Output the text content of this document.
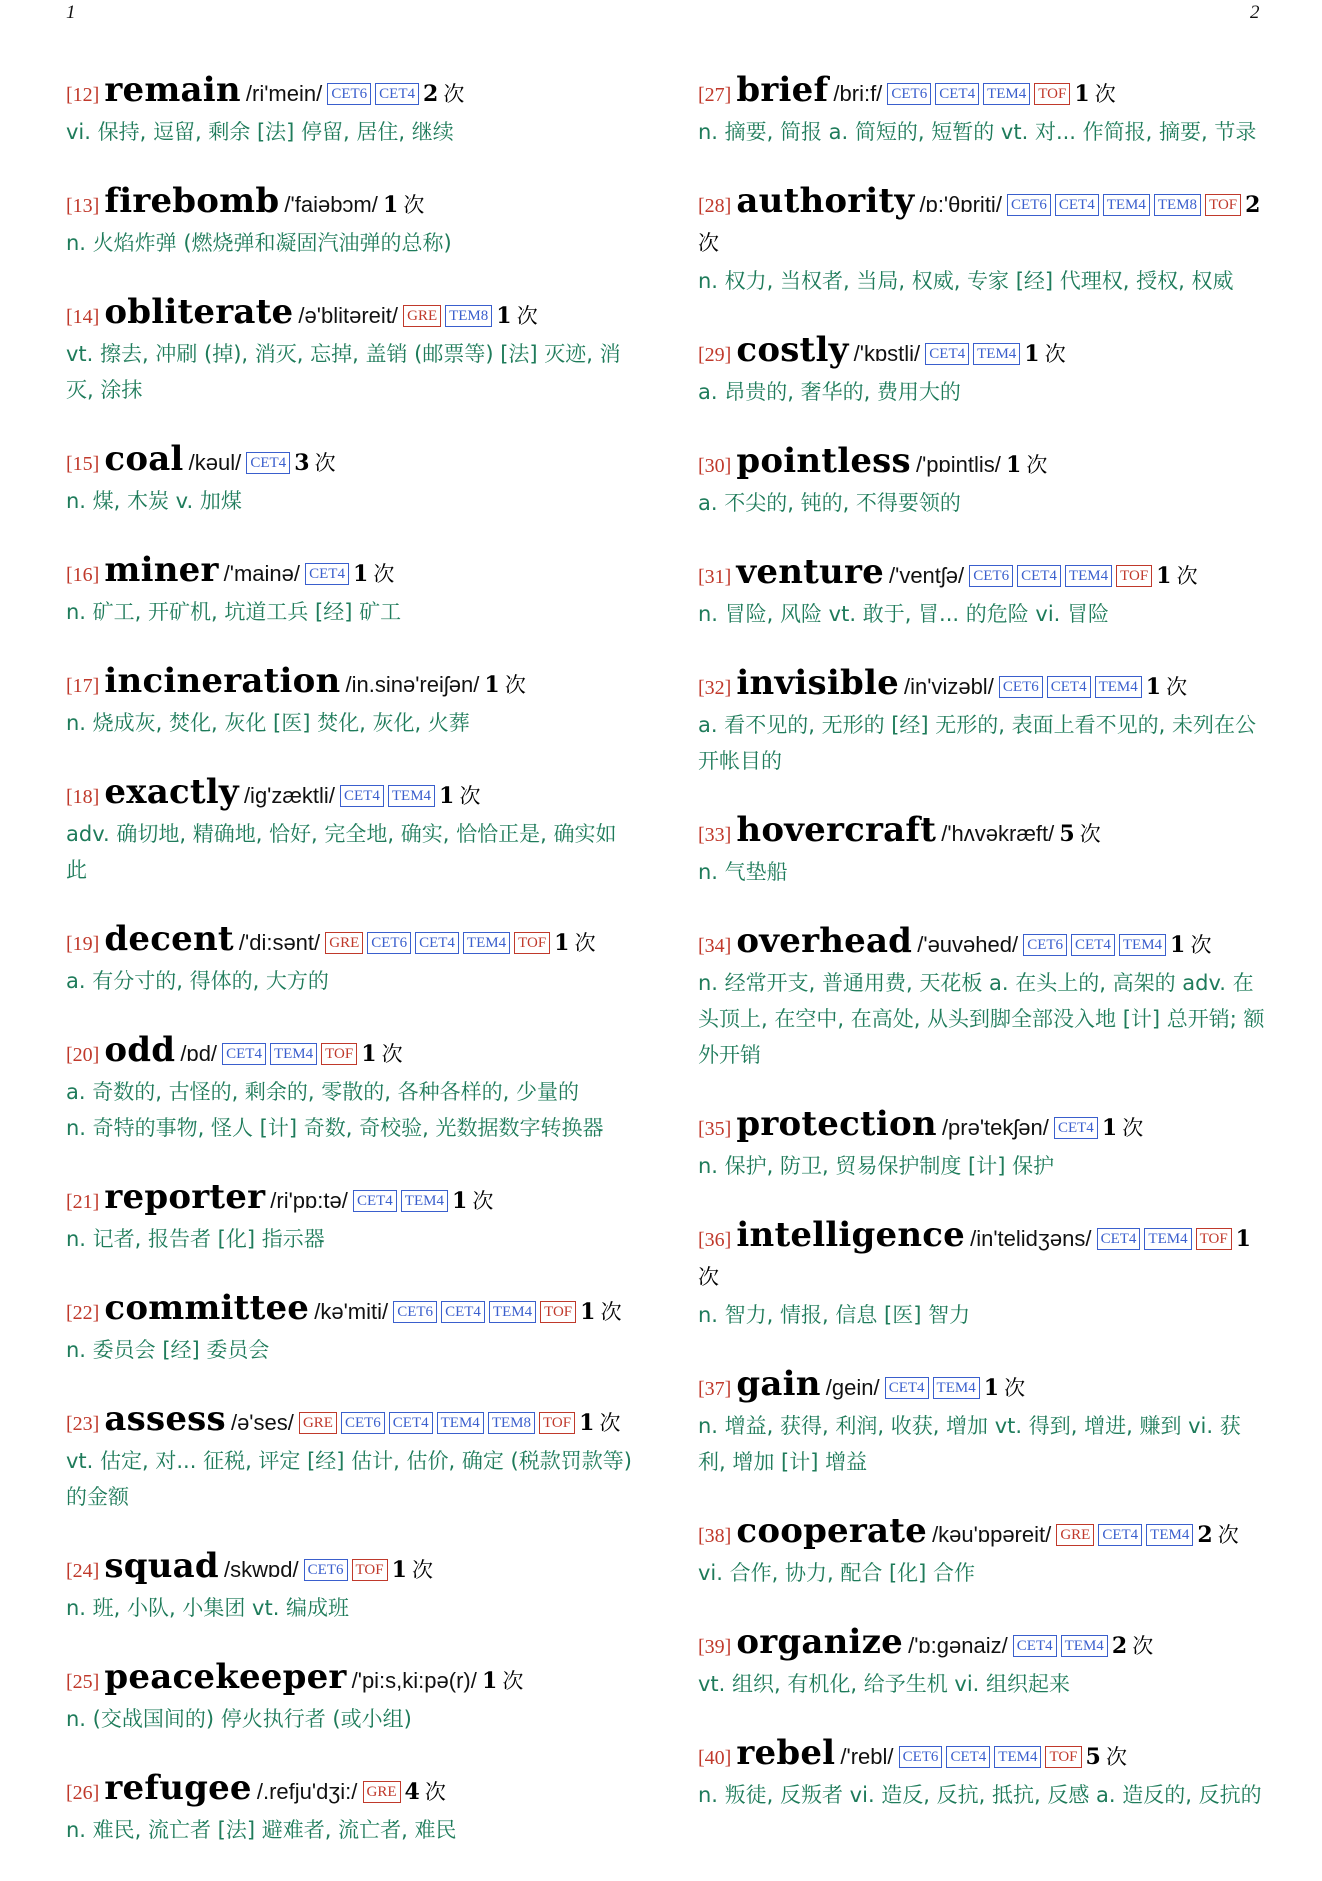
1	2
[12] remain /ri'mein/ CET6 CET4 2 次
vi. 保持, 逗留, 剩余 [法] 停留, 居住, 继续
[13] firebomb /'faiəbɔm/ 1 次
n. 火焰炸弹 (燃烧弹和凝固汽油弹的总称)
[14] obliterate /ə'blitəreit/ GRE TEM8 1 次
vt. 擦去, 冲刷 (掉), 消灭, 忘掉, 盖销 (邮票等) [法] 灭迹, 消灭, 涂抹
[15] coal /kəul/ CET4 3 次
n. 煤, 木炭 v. 加煤
[16] miner /'mainə/ CET4 1 次
n. 矿工, 开矿机, 坑道工兵 [经] 矿工
[17] incineration /in.sinə'reiʃən/ 1 次
n. 烧成灰, 焚化, 灰化 [医] 焚化, 灰化, 火葬
[18] exactly /ig'zæktli/ CET4 TEM4 1 次
adv. 确切地, 精确地, 恰好, 完全地, 确实, 恰恰正是, 确实如此
[19] decent /'di:sənt/ GRE CET6 CET4 TEM4 TOF 1 次
a. 有分寸的, 得体的, 大方的
[20] odd /ɒd/ CET4 TEM4 TOF 1 次
a. 奇数的, 古怪的, 剩余的, 零散的, 各种各样的, 少量的
n. 奇特的事物, 怪人 [计] 奇数, 奇校验, 光数据数字转换器
[21] reporter /ri'pɒ:tə/ CET4 TEM4 1 次
n. 记者, 报告者 [化] 指示器
[22] committee /kə'miti/ CET6 CET4 TEM4 TOF 1 次
n. 委员会 [经] 委员会
[23] assess /ə'ses/ GRE CET6 CET4 TEM4 TEM8 TOF 1 次
vt. 估定, 对... 征税, 评定 [经] 估计, 估价, 确定 (税款罚款等) 的金额
[24] squad /skwɒd/ CET6 TOF 1 次
n. 班, 小队, 小集团 vt. 编成班
[25] peacekeeper /'pi:s,ki:pə(r)/ 1 次
n. (交战国间的) 停火执行者 (或小组)
[26] refugee /.refju'dʒi:/ GRE 4 次
n. 难民, 流亡者 [法] 避难者, 流亡者, 难民
[27] brief /bri:f/ CET6 CET4 TEM4 TOF 1 次
n. 摘要, 简报 a. 简短的, 短暂的 vt. 对... 作简报, 摘要, 节录
[28] authority /ɒ:'θɒriti/ CET6 CET4 TEM4 TEM8 TOF 2 次
n. 权力, 当权者, 当局, 权威, 专家 [经] 代理权, 授权, 权威
[29] costly /'kɒstli/ CET4 TEM4 1 次
a. 昂贵的, 奢华的, 费用大的
[30] pointless /'pɒintlis/ 1 次
a. 不尖的, 钝的, 不得要领的
[31] venture /'ventʃə/ CET6 CET4 TEM4 TOF 1 次
n. 冒险, 风险 vt. 敢于, 冒... 的危险 vi. 冒险
[32] invisible /in'vizəbl/ CET6 CET4 TEM4 1 次
a. 看不见的, 无形的 [经] 无形的, 表面上看不见的, 未列在公开帐目的
[33] hovercraft /'hʌvəkræft/ 5 次
n. 气垫船
[34] overhead /'əuvəhed/ CET6 CET4 TEM4 1 次
n. 经常开支, 普通用费, 天花板 a. 在头上的, 高架的 adv. 在头顶上, 在空中, 在高处, 从头到脚全部没入地 [计] 总开销; 额外开销
[35] protection /prə'tekʃən/ CET4 1 次
n. 保护, 防卫, 贸易保护制度 [计] 保护
[36] intelligence /in'telidʒəns/ CET4 TEM4 TOF 1 次
n. 智力, 情报, 信息 [医] 智力
[37] gain /gein/ CET4 TEM4 1 次
n. 增益, 获得, 利润, 收获, 增加 vt. 得到, 增进, 赚到 vi. 获利, 增加 [计] 增益
[38] cooperate /kəu'ɒpəreit/ GRE CET4 TEM4 2 次
vi. 合作, 协力, 配合 [化] 合作
[39] organize /'ɒ:gənaiz/ CET4 TEM4 2 次
vt. 组织, 有机化, 给予生机 vi. 组织起来
[40] rebel /'rebl/ CET6 CET4 TEM4 TOF 5 次
n. 叛徒, 反叛者 vi. 造反, 反抗, 抵抗, 反感 a. 造反的, 反抗的
